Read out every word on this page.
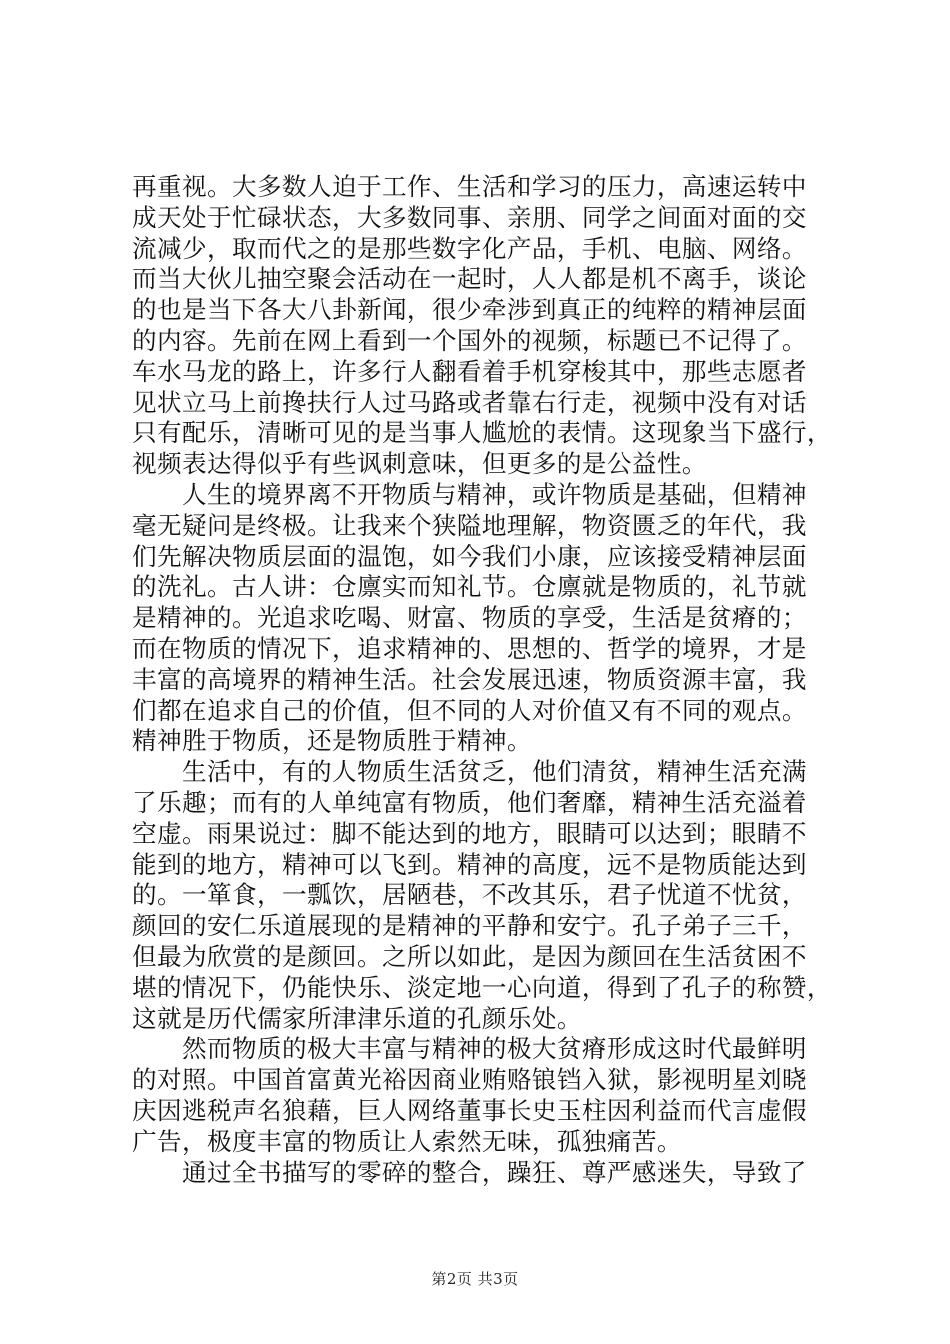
再重视。大多数人迫于工作、生活和学习的压力，高速运转中
成天处于忙碌状态，大多数同事、亲朋、同学之间面对面的交
流减少，取而代之的是那些数字化产品，手机、电脑、网络。
而当大伙儿抽空聚会活动在一起时，人人都是机不离手，谈论
的也是当下各大八卦新闻，很少牵涉到真正的纯粹的精神层面
的内容。先前在网上看到一个国外的视频，标题已不记得了。
车水马龙的路上，许多行人翻看着手机穿梭其中，那些志愿者
见状立马上前搀扶行人过马路或者靠右行走，视频中没有对话
只有配乐，清晰可见的是当事人尴尬的表情。这现象当下盛行，
视频表达得似乎有些讽刺意味，但更多的是公益性。
　　人生的境界离不开物质与精神，或许物质是基础，但精神
毫无疑问是终极。让我来个狭隘地理解，物资匮乏的年代，我
们先解决物质层面的温饱，如今我们小康，应该接受精神层面
的洗礼。古人讲：仓廪实而知礼节。仓廪就是物质的，礼节就
是精神的。光追求吃喝、财富、物质的享受，生活是贫瘠的；
而在物质的情况下，追求精神的、思想的、哲学的境界，才是
丰富的高境界的精神生活。社会发展迅速，物质资源丰富，我
们都在追求自己的价值，但不同的人对价值又有不同的观点。
精神胜于物质，还是物质胜于精神。
　　生活中，有的人物质生活贫乏，他们清贫，精神生活充满
了乐趣；而有的人单纯富有物质，他们奢靡，精神生活充溢着
空虚。雨果说过：脚不能达到的地方，眼睛可以达到；眼睛不
能到的地方，精神可以飞到。精神的高度，远不是物质能达到
的。一箪食，一瓢饮，居陋巷，不改其乐，君子忧道不忧贫，
颜回的安仁乐道展现的是精神的平静和安宁。孔子弟子三千，
但最为欣赏的是颜回。之所以如此，是因为颜回在生活贫困不
堪的情况下，仍能快乐、淡定地一心向道，得到了孔子的称赞，
这就是历代儒家所津津乐道的孔颜乐处。
　　然而物质的极大丰富与精神的极大贫瘠形成这时代最鲜明
的对照。中国首富黄光裕因商业贿赂锒铛入狱，影视明星刘晓
庆因逃税声名狼藉，巨人网络董事长史玉柱因利益而代言虚假
广告，极度丰富的物质让人索然无味，孤独痛苦。
　　通过全书描写的零碎的整合，躁狂、尊严感迷失，导致了
第2页 共3页
